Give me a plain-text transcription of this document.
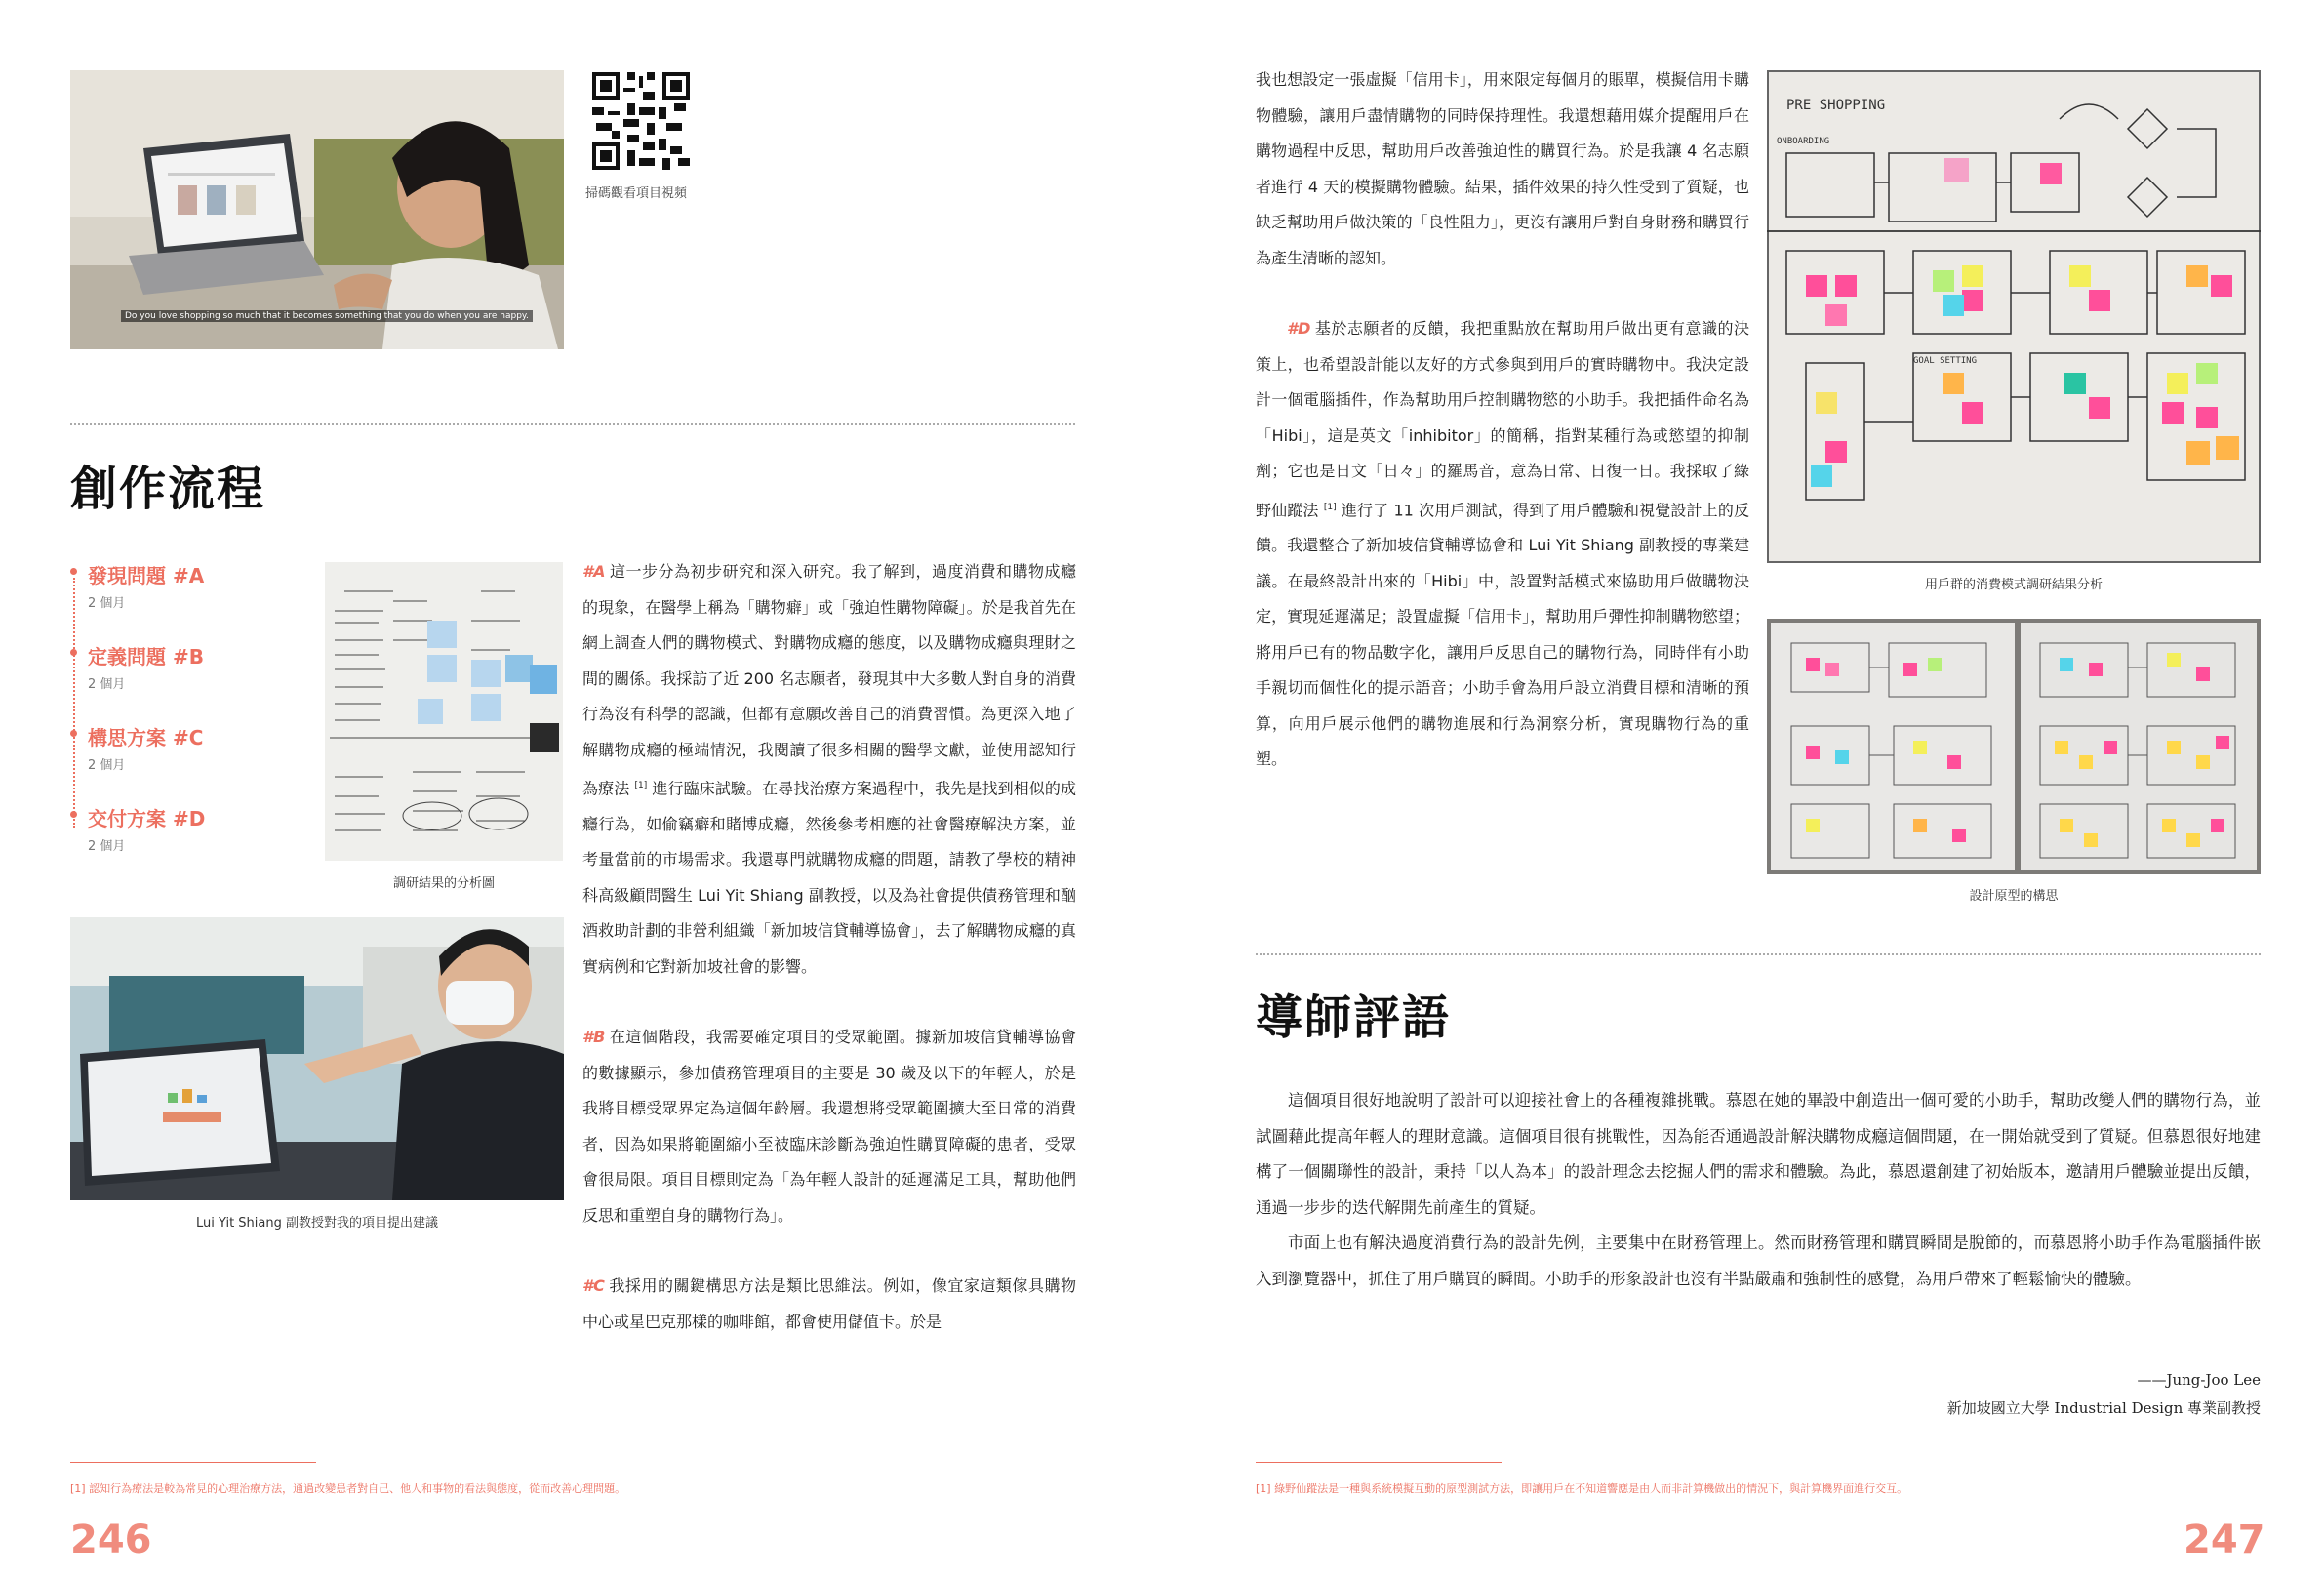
Do you love shopping so much that it becomes something that you do when you are happy.
掃碼觀看項目視頻
創作流程
發現問題 #A
2 個月
定義問題 #B
2 個月
構思方案 #C
2 個月
交付方案 #D
2 個月
調研結果的分析圖
Lui Yit Shiang 副教授對我的項目提出建議

#A 這一步分為初步研究和深入研究。我了解到，過度消費和購物成癮的現象，在醫學上稱為「購物癖」或「強迫性購物障礙」。於是我首先在網上調查人們的購物模式、對購物成癮的態度，以及購物成癮與理財之間的關係。我採訪了近 200 名志願者，發現其中大多數人對自身的消費行為沒有科學的認識，但都有意願改善自己的消費習慣。為更深入地了解購物成癮的極端情況，我閱讀了很多相關的醫學文獻，並使用認知行為療法 [1] 進行臨床試驗。在尋找治療方案過程中，我先是找到相似的成癮行為，如偷竊癖和賭博成癮，然後參考相應的社會醫療解決方案，並考量當前的市場需求。我還專門就購物成癮的問題，請教了學校的精神科高級顧問醫生 Lui Yit Shiang 副教授，以及為社會提供債務管理和酗酒救助計劃的非營利組織「新加坡信貸輔導協會」，去了解購物成癮的真實病例和它對新加坡社會的影響。

#B 在這個階段，我需要確定項目的受眾範圍。據新加坡信貸輔導協會的數據顯示，參加債務管理項目的主要是 30 歲及以下的年輕人，於是我將目標受眾界定為這個年齡層。我還想將受眾範圍擴大至日常的消費者，因為如果將範圍縮小至被臨床診斷為強迫性購買障礙的患者，受眾會很局限。項目目標則定為「為年輕人設計的延遲滿足工具，幫助他們反思和重塑自身的購物行為」。

#C 我採用的關鍵構思方法是類比思維法。例如，像宜家這類傢具購物中心或星巴克那樣的咖啡館，都會使用儲值卡。於是

[1] 認知行為療法是較為常見的心理治療方法，通過改變患者對自己、他人和事物的看法與態度，從而改善心理問題。
246

我也想設定一張虛擬「信用卡」，用來限定每個月的賬單，模擬信用卡購物體驗，讓用戶盡情購物的同時保持理性。我還想藉用媒介提醒用戶在購物過程中反思，幫助用戶改善強迫性的購買行為。於是我讓 4 名志願者進行 4 天的模擬購物體驗。結果，插件效果的持久性受到了質疑，也缺乏幫助用戶做決策的「良性阻力」，更沒有讓用戶對自身財務和購買行為產生清晰的認知。

#D 基於志願者的反饋，我把重點放在幫助用戶做出更有意識的決策上，也希望設計能以友好的方式參與到用戶的實時購物中。我決定設計一個電腦插件，作為幫助用戶控制購物慾的小助手。我把插件命名為「Hibi」，這是英文「inhibitor」的簡稱，指對某種行為或慾望的抑制劑；它也是日文「日々」的羅馬音，意為日常、日復一日。我採取了綠野仙蹤法 [1] 進行了 11 次用戶測試，得到了用戶體驗和視覺設計上的反饋。我還整合了新加坡信貸輔導協會和 Lui Yit Shiang 副教授的專業建議。在最終設計出來的「Hibi」中，設置對話模式來協助用戶做購物決定，實現延遲滿足；設置虛擬「信用卡」，幫助用戶彈性抑制購物慾望；將用戶已有的物品數字化，讓用戶反思自己的購物行為，同時伴有小助手親切而個性化的提示語音；小助手會為用戶設立消費目標和清晰的預算，向用戶展示他們的購物進展和行為洞察分析，實現購物行為的重塑。

PRE SHOPPING
ONBOARDING
GOAL SETTING
用戶群的消費模式調研結果分析
設計原型的構思
導師評語

這個項目很好地說明了設計可以迎接社會上的各種複雜挑戰。慕恩在她的畢設中創造出一個可愛的小助手，幫助改變人們的購物行為，並試圖藉此提高年輕人的理財意識。這個項目很有挑戰性，因為能否通過設計解決購物成癮這個問題，在一開始就受到了質疑。但慕恩很好地建構了一個關聯性的設計，秉持「以人為本」的設計理念去挖掘人們的需求和體驗。為此，慕恩還創建了初始版本，邀請用戶體驗並提出反饋，通過一步步的迭代解開先前產生的質疑。

市面上也有解決過度消費行為的設計先例，主要集中在財務管理上。然而財務管理和購買瞬間是脫節的，而慕恩將小助手作為電腦插件嵌入到瀏覽器中，抓住了用戶購買的瞬間。小助手的形象設計也沒有半點嚴肅和強制性的感覺，為用戶帶來了輕鬆愉快的體驗。

——Jung-Joo Lee
新加坡國立大學 Industrial Design 專業副教授
[1] 綠野仙蹤法是一種與系統模擬互動的原型測試方法，即讓用戶在不知道響應是由人而非計算機做出的情況下，與計算機界面進行交互。
247
